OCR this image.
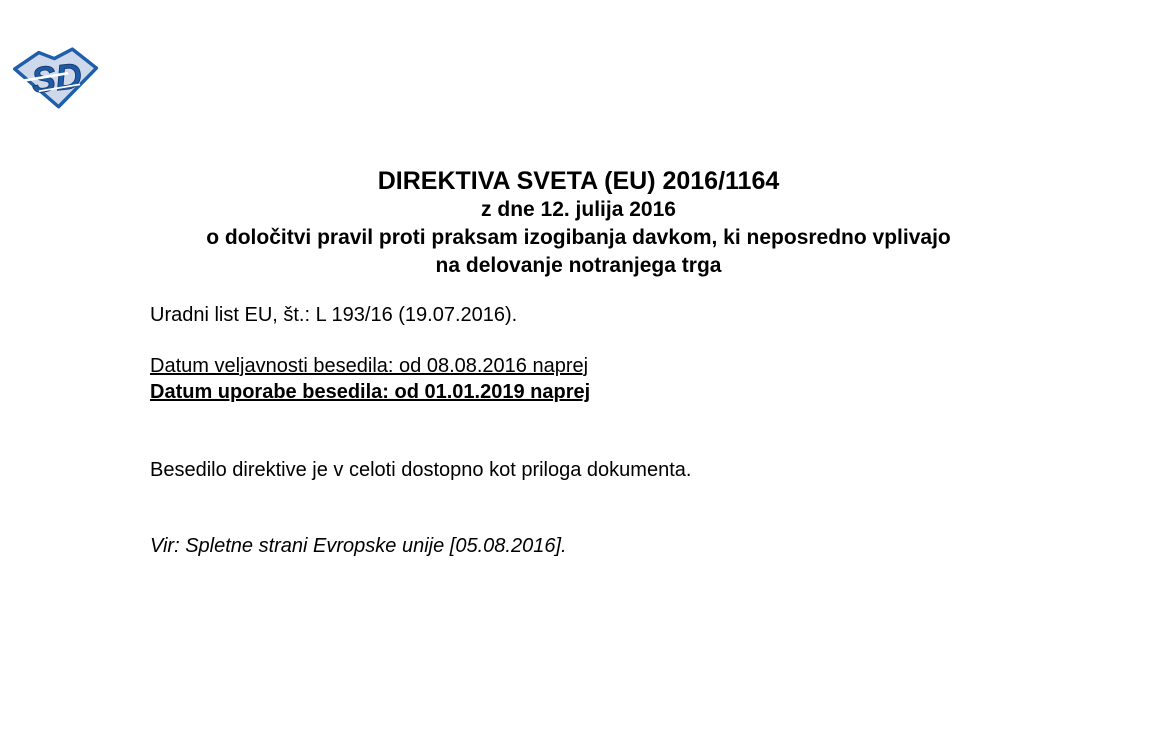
SD
DIREKTIVA SVETA (EU) 2016/1164
z dne 12. julija 2016
o določitvi pravil proti praksam izogibanja davkom, ki neposredno vplivajo
na delovanje notranjega trga

Uradni list EU, št.: L 193/16 (19.07.2016).

Datum veljavnosti besedila: od 08.08.2016 naprej
Datum uporabe besedila: od 01.01.2019 naprej

Besedilo direktive je v celoti dostopno kot priloga dokumenta.

Vir: Spletne strani Evropske unije [05.08.2016].
